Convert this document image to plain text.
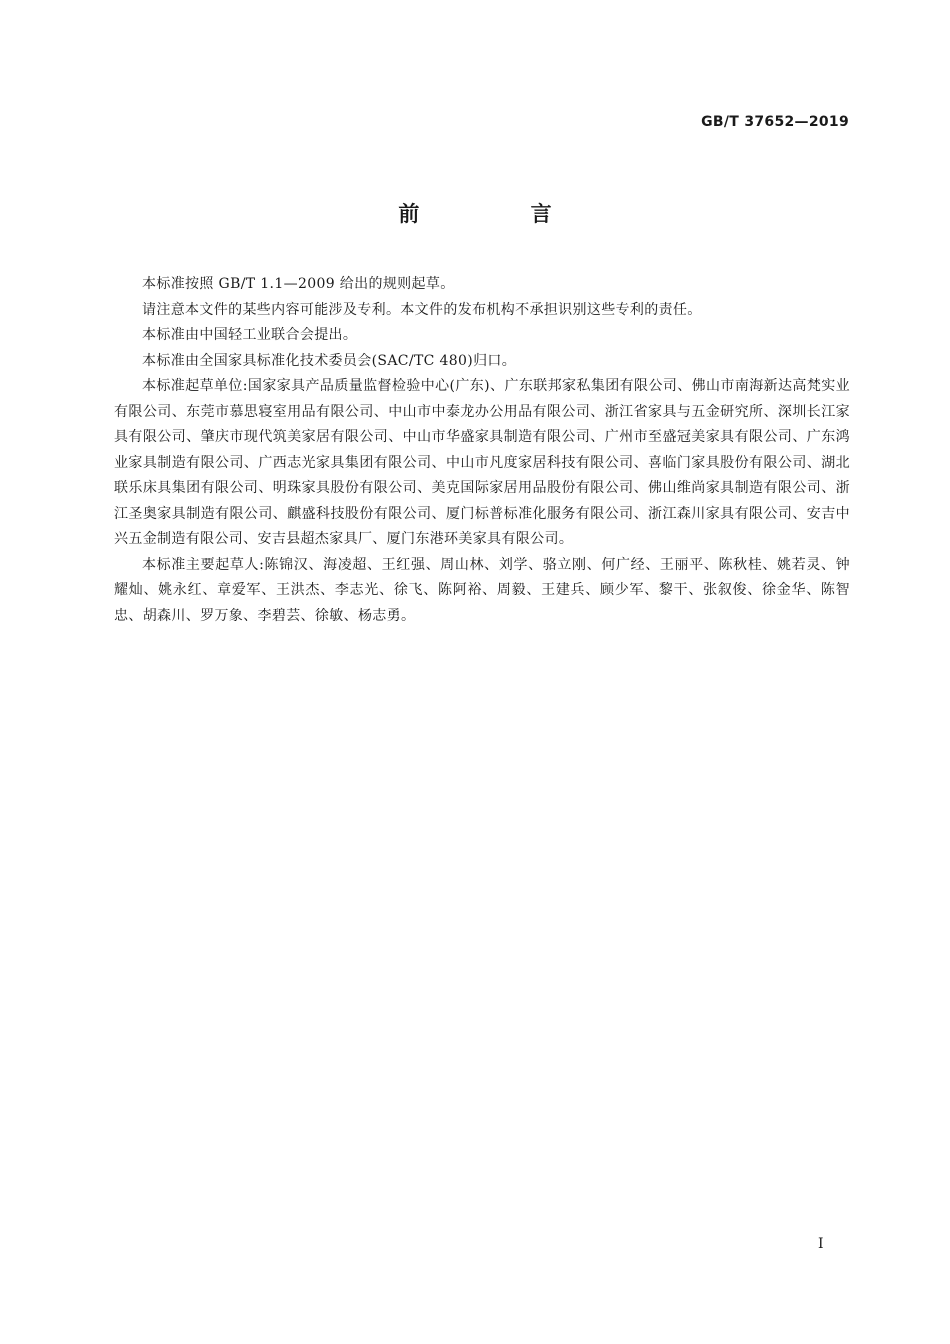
GB/T 37652—2019
前 言

本标准按照 GB/T 1.1—2009 给出的规则起草。

请注意本文件的某些内容可能涉及专利。本文件的发布机构不承担识别这些专利的责任。

本标准由中国轻工业联合会提出。

本标准由全国家具标准化技术委员会(SAC/TC 480)归口。

本标准起草单位:国家家具产品质量监督检验中心(广东)、广东联邦家私集团有限公司、佛山市南海新达高梵实业有限公司、东莞市慕思寝室用品有限公司、中山市中泰龙办公用品有限公司、浙江省家具与五金研究所、深圳长江家具有限公司、肇庆市现代筑美家居有限公司、中山市华盛家具制造有限公司、广州市至盛冠美家具有限公司、广东鸿业家具制造有限公司、广西志光家具集团有限公司、中山市凡度家居科技有限公司、喜临门家具股份有限公司、湖北联乐床具集团有限公司、明珠家具股份有限公司、美克国际家居用品股份有限公司、佛山维尚家具制造有限公司、浙江圣奥家具制造有限公司、麒盛科技股份有限公司、厦门标普标准化服务有限公司、浙江森川家具有限公司、安吉中兴五金制造有限公司、安吉县超杰家具厂、厦门东港环美家具有限公司。

本标准主要起草人:陈锦汉、海凌超、王红强、周山林、刘学、骆立刚、何广经、王丽平、陈秋桂、姚若灵、钟耀灿、姚永红、章爱军、王洪杰、李志光、徐飞、陈阿裕、周毅、王建兵、顾少军、黎干、张叙俊、徐金华、陈智忠、胡森川、罗万象、李碧芸、徐敏、杨志勇。

I
